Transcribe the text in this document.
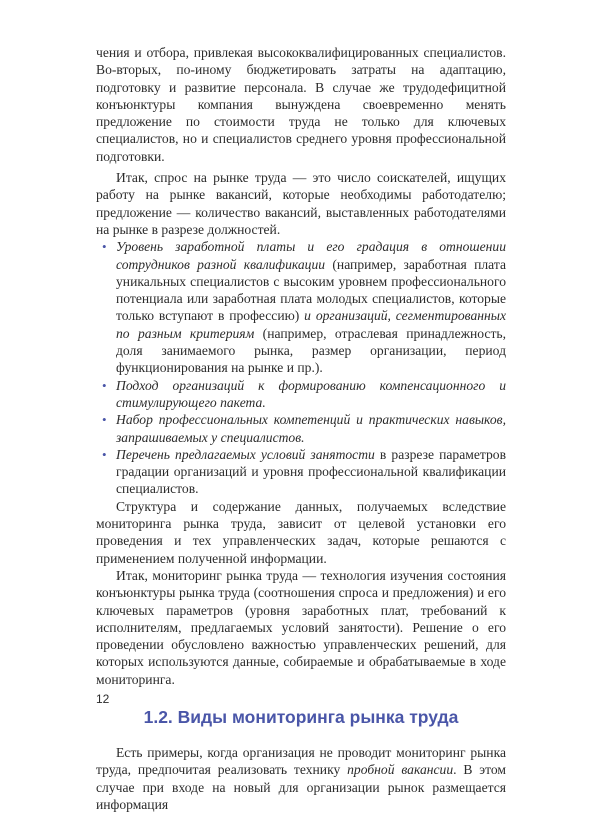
чения и отбора, привлекая высококвалифицированных специалистов. Во-вторых, по-иному бюджетировать затраты на адаптацию, подготовку и развитие персонала. В случае же трудодефицитной конъюнктуры компания вынуждена своевременно менять предложение по стоимости труда не только для ключевых специалистов, но и специалистов среднего уровня профессиональной подготовки.

Итак, спрос на рынке труда — это число соискателей, ищущих работу на рынке вакансий, которые необходимы работодателю; предложение — количество вакансий, выставленных работодателями на рынке в разрезе должностей.

• Уровень заработной платы и его градация в отношении сотрудников разной квалификации (например, заработная плата уникальных специалистов с высоким уровнем профессионального потенциала или заработная плата молодых специалистов, которые только вступают в профессию) и организаций, сегментированных по разным критериям (например, отраслевая принадлежность, доля занимаемого рынка, размер организации, период функционирования на рынке и пр.).
• Подход организаций к формированию компенсационного и стимулирующего пакета.
• Набор профессиональных компетенций и практических навыков, запрашиваемых у специалистов.
• Перечень предлагаемых условий занятости в разрезе параметров градации организаций и уровня профессиональной квалификации специалистов.

Структура и содержание данных, получаемых вследствие мониторинга рынка труда, зависит от целевой установки его проведения и тех управленческих задач, которые решаются с применением полученной информации.

Итак, мониторинг рынка труда — технология изучения состояния конъюнктуры рынка труда (соотношения спроса и предложения) и его ключевых параметров (уровня заработных плат, требований к исполнителям, предлагаемых условий занятости). Решение о его проведении обусловлено важностью управленческих решений, для которых используются данные, собираемые и обрабатываемые в ходе мониторинга.

1.2. Виды мониторинга рынка труда

Есть примеры, когда организация не проводит мониторинг рынка труда, предпочитая реализовать технику пробной вакансии. В этом случае при входе на новый для организации рынок размещается информация

12
